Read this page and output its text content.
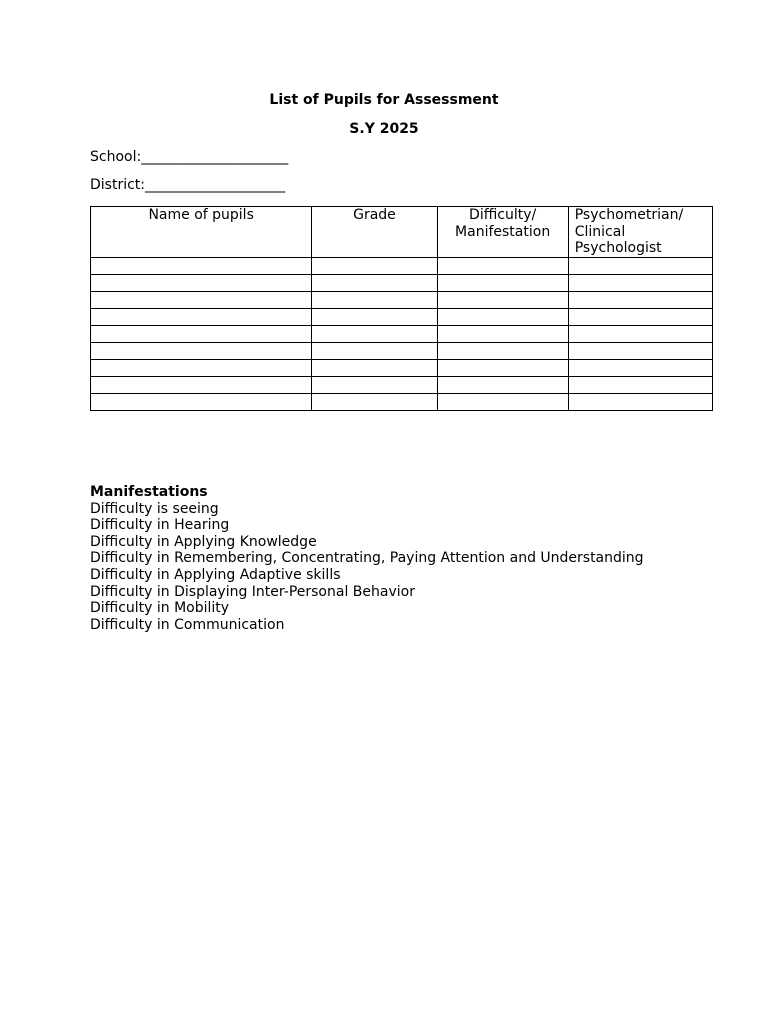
List of Pupils for Assessment
S.Y 2025
School:_____________________
District:____________________
Name of pupils	Grade	Difficulty/ Manifestation	Psychometrian/ Clinical Psychologist

Manifestations
Difficulty is seeing
Difficulty in Hearing
Difficulty in Applying Knowledge
Difficulty in Remembering, Concentrating, Paying Attention and Understanding
Difficulty in Applying Adaptive skills
Difficulty in Displaying Inter-Personal Behavior
Difficulty in Mobility
Difficulty in Communication
